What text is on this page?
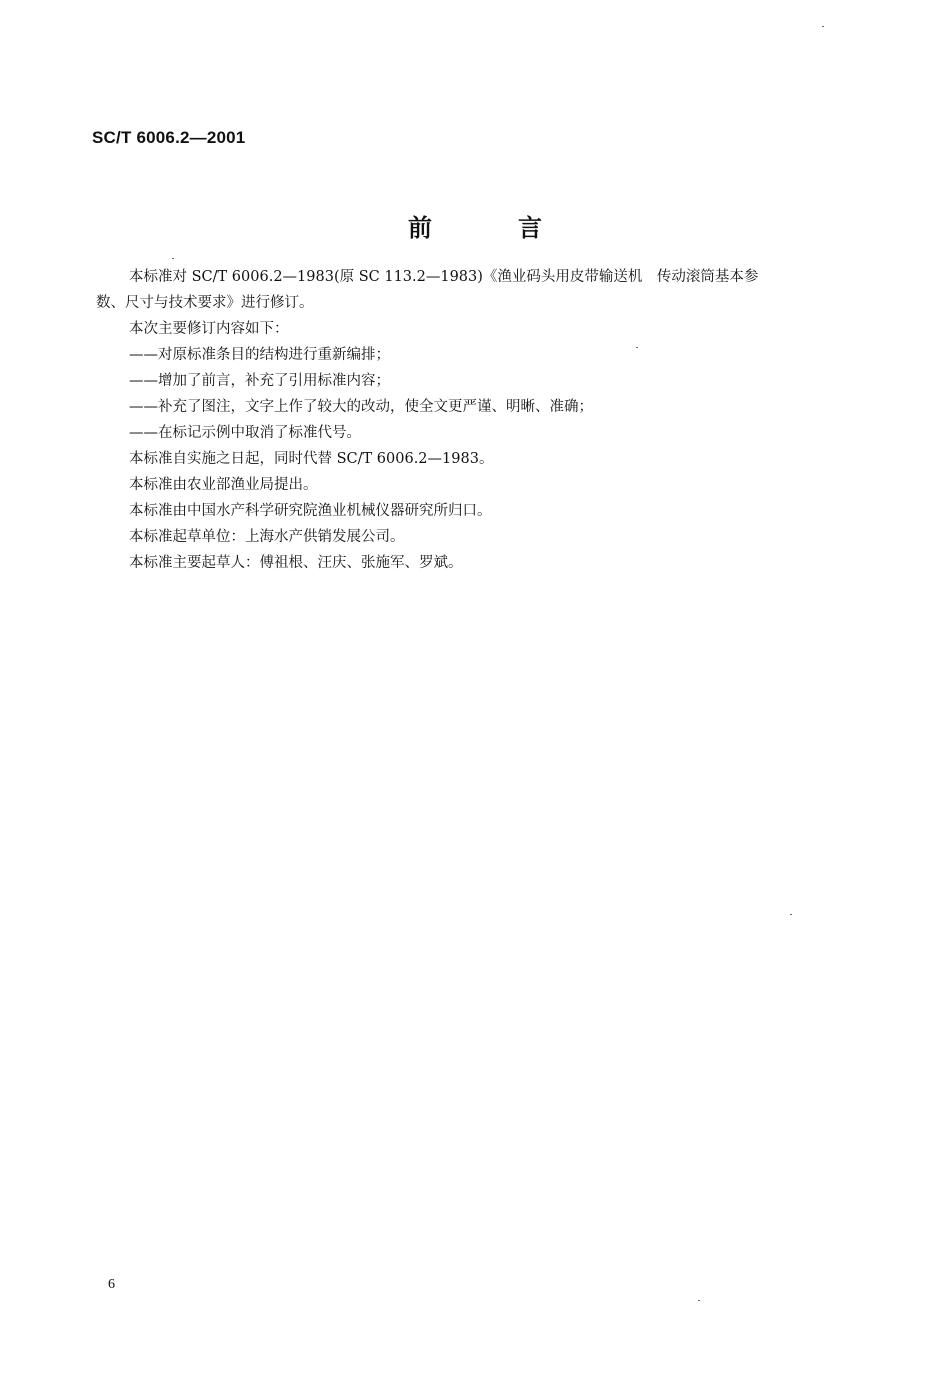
SC/T 6006.2—2001
前	言

本标准对 SC/T 6006.2—1983(原 SC 113.2—1983)《渔业码头用皮带输送机　传动滚筒基本参

数、尺寸与技术要求》进行修订。

本次主要修订内容如下：

——对原标准条目的结构进行重新编排；

——增加了前言，补充了引用标准内容；

——补充了图注，文字上作了较大的改动，使全文更严谨、明晰、准确；

——在标记示例中取消了标准代号。

本标准自实施之日起，同时代替 SC/T 6006.2—1983。

本标准由农业部渔业局提出。

本标准由中国水产科学研究院渔业机械仪器研究所归口。

本标准起草单位：上海水产供销发展公司。

本标准主要起草人：傅祖根、汪庆、张施军、罗斌。

6
